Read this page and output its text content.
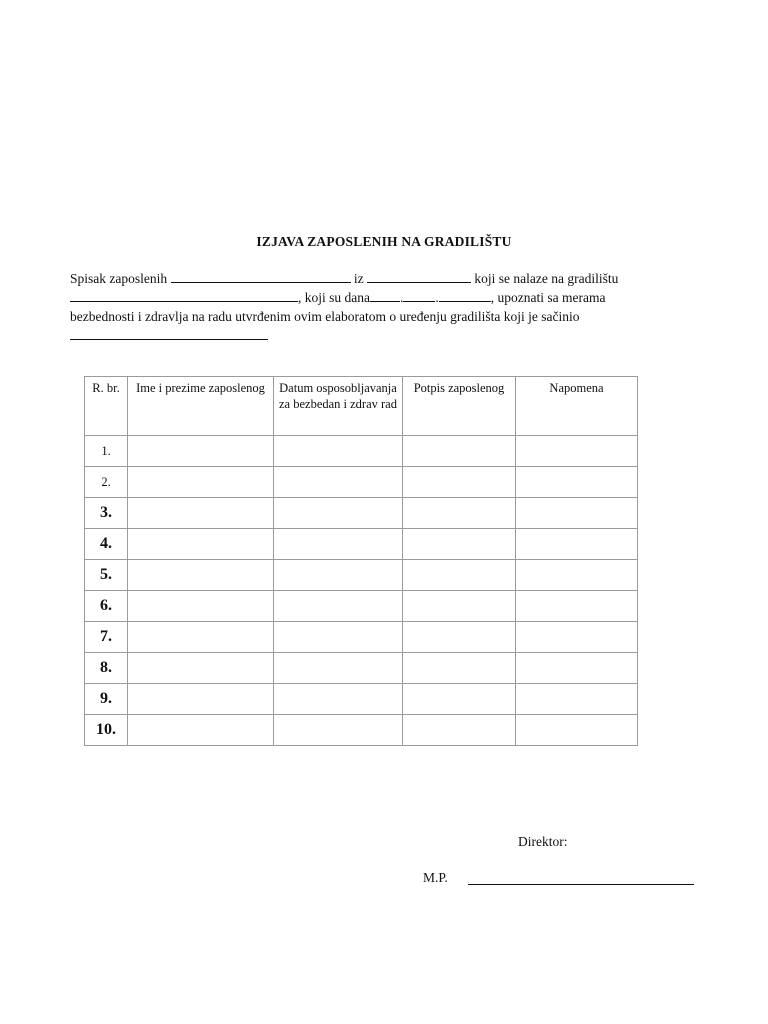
IZJAVA ZAPOSLENIH NA GRADILIŠTU
Spisak zaposlenih	iz	koji se nalaze na gradilištu
, koji su dana . .	, upoznati sa merama
bezbednosti i zdravlja na radu utvrđenim ovim elaboratom o uređenju gradilišta koji je sačinio
R. br.	Ime i prezime zaposlenog	Datum osposobljavanja za bezbedan i zdrav rad	Potpis zaposlenog	Napomena
1.				
2.				
3.				
4.				
5.				
6.				
7.				
8.				
9.				
10.				
Direktor:
M.P.
